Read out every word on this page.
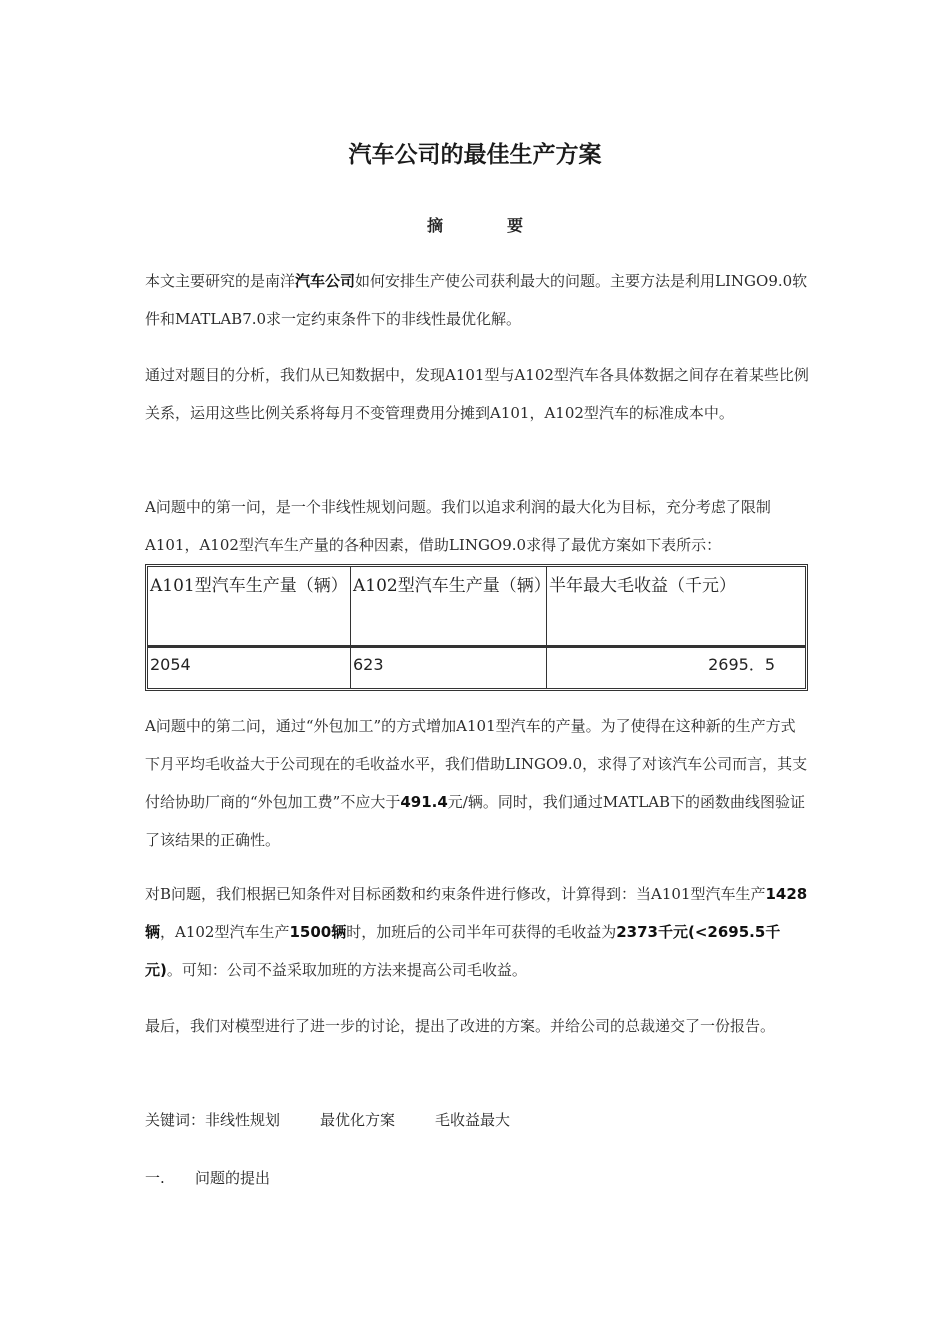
汽车公司的最佳生产方案
摘	要
本文主要研究的是南洋汽车公司如何安排生产使公司获利最大的问题。主要方法是利用LINGO9.0软件和MATLAB7.0求一定约束条件下的非线性最优化解。
通过对题目的分析，我们从已知数据中，发现A101型与A102型汽车各具体数据之间存在着某些比例关系，运用这些比例关系将每月不变管理费用分摊到A101，A102型汽车的标准成本中。
A问题中的第一问，是一个非线性规划问题。我们以追求利润的最大化为目标，充分考虑了限制A101，A102型汽车生产量的各种因素，借助LINGO9.0求得了最优方案如下表所示：
A101型汽车生产量（辆）	A102型汽车生产量（辆）	半年最大毛收益（千元）
2054	623	2695．5
A问题中的第二问，通过“外包加工”的方式增加A101型汽车的产量。为了使得在这种新的生产方式下月平均毛收益大于公司现在的毛收益水平，我们借助LINGO9.0，求得了对该汽车公司而言，其支付给协助厂商的“外包加工费”不应大于491.4元/辆。同时，我们通过MATLAB下的函数曲线图验证了该结果的正确性。
对B问题，我们根据已知条件对目标函数和约束条件进行修改，计算得到：当A101型汽车生产1428辆，A102型汽车生产1500辆时，加班后的公司半年可获得的毛收益为2373千元(<2695.5千元)。可知：公司不益采取加班的方法来提高公司毛收益。
最后，我们对模型进行了进一步的讨论，提出了改进的方案。并给公司的总裁递交了一份报告。
关键词：非线性规划	最优化方案	毛收益最大
一. 问题的提出
